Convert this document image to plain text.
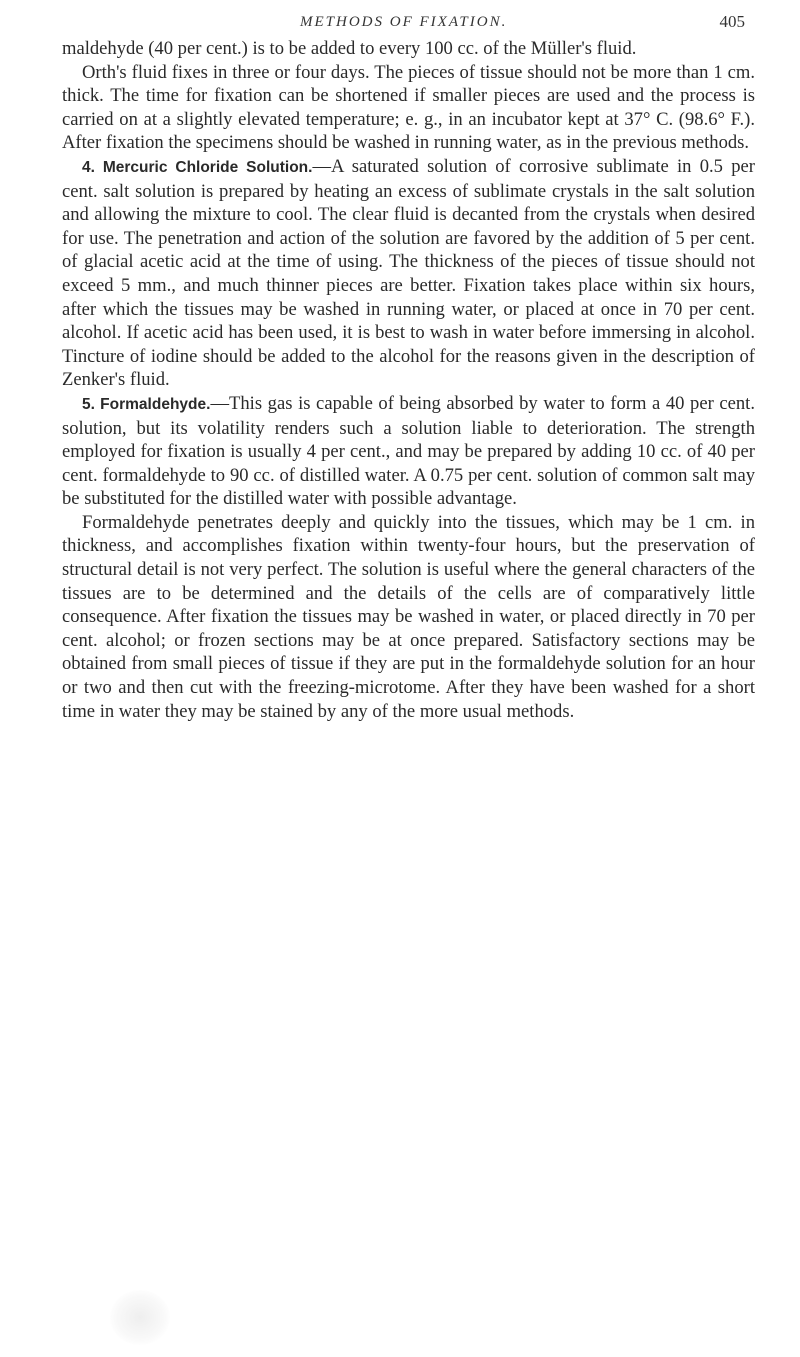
METHODS OF FIXATION.	405

maldehyde (40 per cent.) is to be added to every 100 cc. of the Müller's fluid.

Orth's fluid fixes in three or four days. The pieces of tissue should not be more than 1 cm. thick. The time for fixation can be shortened if smaller pieces are used and the process is carried on at a slightly elevated temperature; e. g., in an incubator kept at 37° C. (98.6° F.). After fixation the specimens should be washed in running water, as in the previous methods.

4. Mercuric Chloride Solution.—A saturated solution of corrosive sublimate in 0.5 per cent. salt solution is prepared by heating an excess of sublimate crystals in the salt solution and allowing the mixture to cool. The clear fluid is decanted from the crystals when desired for use. The penetration and action of the solution are favored by the addition of 5 per cent. of glacial acetic acid at the time of using. The thickness of the pieces of tissue should not exceed 5 mm., and much thinner pieces are better. Fixation takes place within six hours, after which the tissues may be washed in running water, or placed at once in 70 per cent. alcohol. If acetic acid has been used, it is best to wash in water before immersing in alcohol. Tincture of iodine should be added to the alcohol for the reasons given in the description of Zenker's fluid.

5. Formaldehyde.—This gas is capable of being absorbed by water to form a 40 per cent. solution, but its volatility renders such a solution liable to deterioration. The strength employed for fixation is usually 4 per cent., and may be prepared by adding 10 cc. of 40 per cent. formaldehyde to 90 cc. of distilled water. A 0.75 per cent. solution of common salt may be substituted for the distilled water with possible advantage.

Formaldehyde penetrates deeply and quickly into the tissues, which may be 1 cm. in thickness, and accomplishes fixation within twenty-four hours, but the preservation of structural detail is not very perfect. The solution is useful where the general characters of the tissues are to be determined and the details of the cells are of comparatively little consequence. After fixation the tissues may be washed in water, or placed directly in 70 per cent. alcohol; or frozen sections may be at once prepared. Satisfactory sections may be obtained from small pieces of tissue if they are put in the formaldehyde solution for an hour or two and then cut with the freezing-microtome. After they have been washed for a short time in water they may be stained by any of the more usual methods.
